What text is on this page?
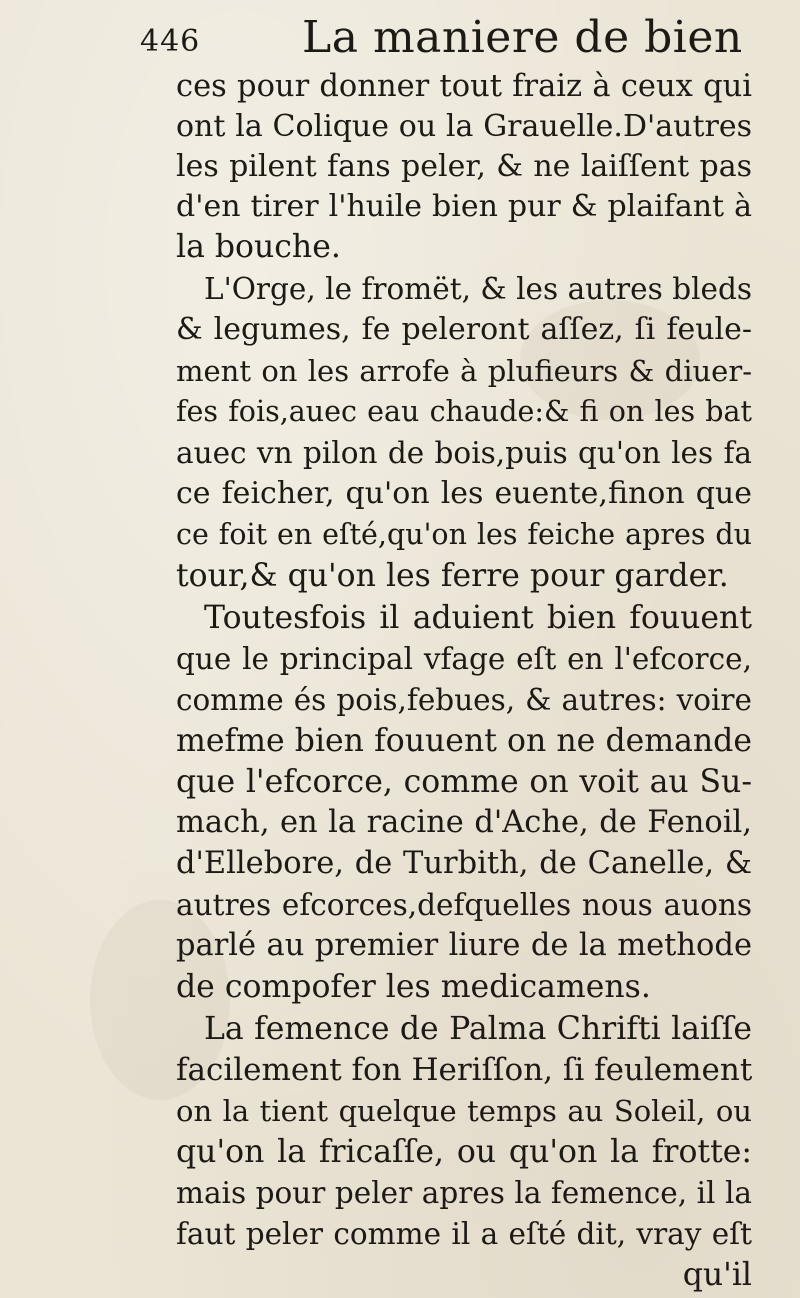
446 La maniere de bien
ces pour donner tout fraiz à ceux qui
ont la Colique ou la Grauelle.D'autres
les pilent fans peler, & ne laiſſent pas
d'en tirer l'huile bien pur & plaifant à
la bouche.
L'Orge, le fromët, & les autres bleds
& legumes, fe peleront aſſez, ſi feule-
ment on les arrofe à plufieurs & diuer-
fes fois,auec eau chaude:& fi on les bat
auec vn pilon de bois,puis qu'on les fa
ce feicher, qu'on les euente,finon que
ce foit en eſté,qu'on les feiche apres du
tour,& qu'on les ferre pour garder.
Toutesfois il aduient bien fouuent
que le principal vfage eſt en l'efcorce,
comme és pois,febues, & autres: voire
mefme bien fouuent on ne demande
que l'efcorce, comme on voit au Su-
mach, en la racine d'Ache, de Fenoil,
d'Ellebore, de Turbith, de Canelle, &
autres efcorces,defquelles nous auons
parlé au premier liure de la methode
de compofer les medicamens.
La femence de Palma Chrifti laiſſe
facilement fon Heriſſon, ſi feulement
on la tient quelque temps au Soleil, ou
qu'on la fricaſſe, ou qu'on la frotte:
mais pour peler apres la femence, il la
faut peler comme il a eſté dit, vray eſt
qu'il
